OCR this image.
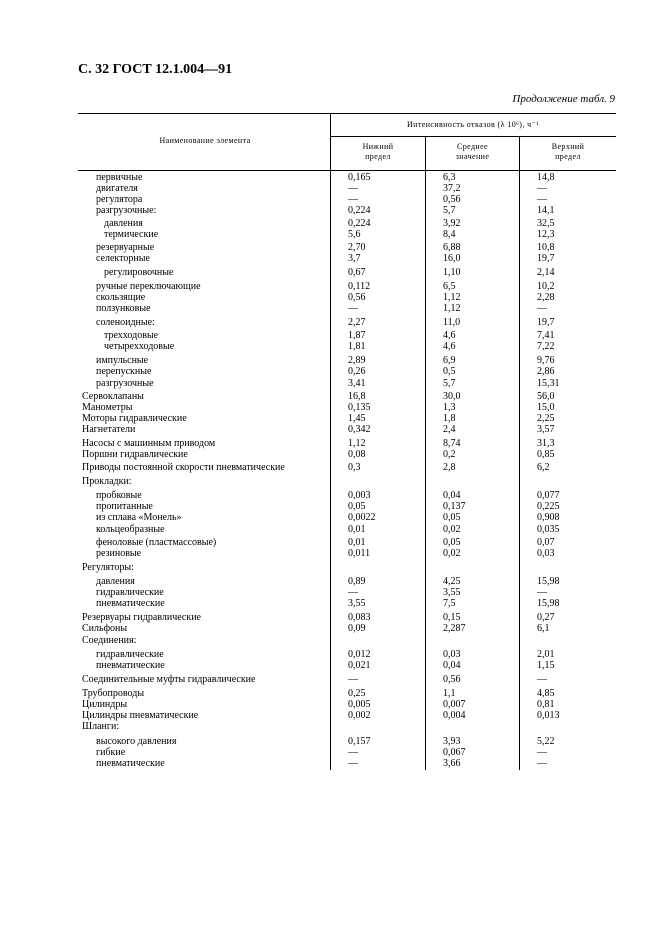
С. 32 ГОСТ 12.1.004—91
Продолжение табл. 9
Наименование элемента
Интенсивность отказов (λ 10⁶), ч⁻¹
Нижний
предел
Среднее
значение
Верхний
предел
первичные	0,165	6,3	14,8
двигателя	—	37,2	—
регулятора	—	0,56	—
разгрузочные:	0,224	5,7	14,1
давления	0,224	3,92	32,5
термические	5,6	8,4	12,3
резервуарные	2,70	6,88	10,8
селекторные	3,7	16,0	19,7
регулировочные	0,67	1,10	2,14
ручные переключающие	0,112	6,5	10,2
скользящие	0,56	1,12	2,28
ползунковые	—	1,12	—
соленоидные:	2,27	11,0	19,7
трехходовые	1,87	4,6	7,41
четырехходовые	1,81	4,6	7,22
импульсные	2,89	6,9	9,76
перепускные	0,26	0,5	2,86
разгрузочные	3,41	5,7	15,31
Сервоклапаны	16,8	30,0	56,0
Манометры	0,135	1,3	15,0
Моторы гидравлические	1,45	1,8	2,25
Нагнетатели	0,342	2,4	3,57
Насосы с машинным приводом	1,12	8,74	31,3
Поршни гидравлические	0,08	0,2	0,85
Приводы постоянной скорости пневматические	0,3	2,8	6,2
Прокладки:
пробковые	0,003	0,04	0,077
пропитанные	0,05	0,137	0,225
из сплава «Монель»	0,0022	0,05	0,908
кольцеобразные	0,01	0,02	0,035
феноловые (пластмассовые)	0,01	0,05	0,07
резиновые	0,011	0,02	0,03
Регуляторы:
давления	0,89	4,25	15,98
гидравлические	—	3,55	—
пневматические	3,55	7,5	15,98
Резервуары гидравлические	0,083	0,15	0,27
Сильфоны	0,09	2,287	6,1
Соединения:
гидравлические	0,012	0,03	2,01
пневматические	0,021	0,04	1,15
Соединительные муфты гидравлические	—	0,56	—
Трубопроводы	0,25	1,1	4,85
Цилиндры	0,005	0,007	0,81
Цилиндры пневматические	0,002	0,004	0,013
Шланги:
высокого давления	0,157	3,93	5,22
гибкие	—	0,067	—
пневматические	—	3,66	—
